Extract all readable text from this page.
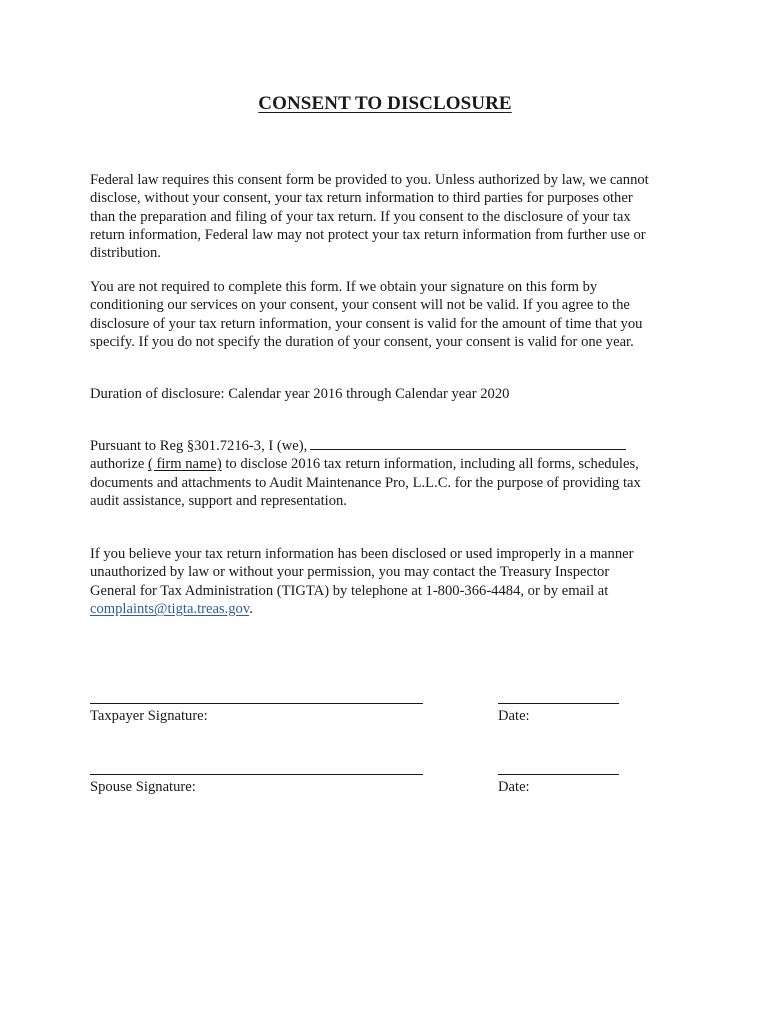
CONSENT TO DISCLOSURE

Federal law requires this consent form be provided to you. Unless authorized by law, we cannot

disclose, without your consent, your tax return information to third parties for purposes other

than the preparation and filing of your tax return. If you consent to the disclosure of your tax

return information, Federal law may not protect your tax return information from further use or

distribution.

You are not required to complete this form. If we obtain your signature on this form by

conditioning our services on your consent, your consent will not be valid. If you agree to the

disclosure of your tax return information, your consent is valid for the amount of time that you

specify. If you do not specify the duration of your consent, your consent is valid for one year.

Duration of disclosure: Calendar year 2016 through Calendar year 2020

Pursuant to Reg §301.7216-3, I (we),

authorize ( firm name) to disclose 2016 tax return information, including all forms, schedules,

documents and attachments to Audit Maintenance Pro, L.L.C. for the purpose of providing tax

audit assistance, support and representation.

If you believe your tax return information has been disclosed or used improperly in a manner

unauthorized by law or without your permission, you may contact the Treasury Inspector

General for Tax Administration (TIGTA) by telephone at 1-800-366-4484, or by email at

complaints@tigta.treas.gov.

Taxpayer Signature:	Date:
Spouse Signature:	Date:
